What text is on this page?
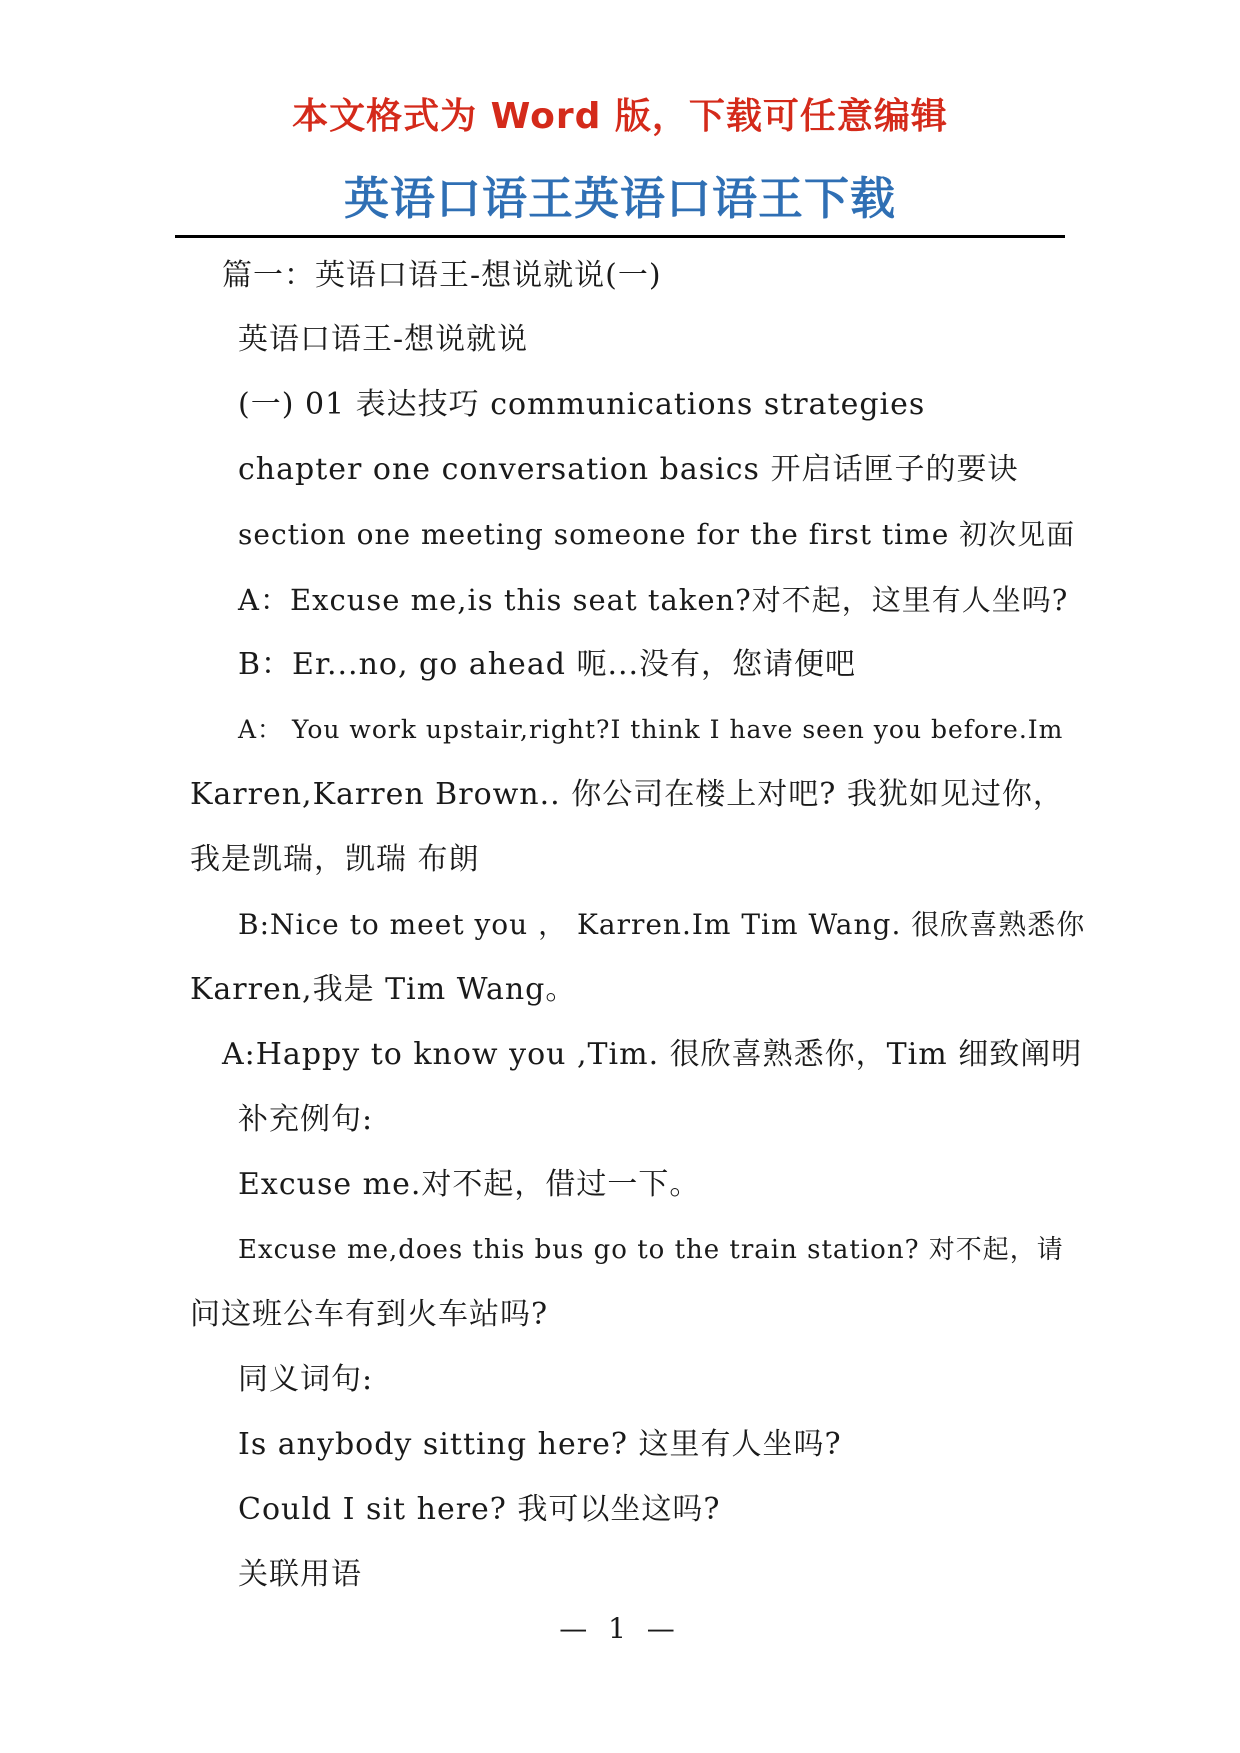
本文格式为 Word 版，下载可任意编辑
英语口语王英语口语王下载
篇一：英语口语王-想说就说(一)
英语口语王-想说就说
(一) 01 表达技巧 communications strategies
chapter one conversation basics 开启话匣子的要诀
section one meeting someone for the first time 初次见面
A：Excuse me,is this seat taken?对不起，这里有人坐吗?
B：Er...no, go ahead 呃...没有，您请便吧
A： You work upstair,right?I think I have seen you before.Im
Karren,Karren Brown.. 你公司在楼上对吧? 我犹如见过你，
我是凯瑞，凯瑞 布朗
B:Nice to meet you ， Karren.Im Tim Wang. 很欣喜熟悉你
Karren,我是 Tim Wang。
A:Happy to know you ,Tim. 很欣喜熟悉你，Tim 细致阐明
补充例句:
Excuse me.对不起，借过一下。
Excuse me,does this bus go to the train station? 对不起，请
问这班公车有到火车站吗?
同义词句:
Is anybody sitting here? 这里有人坐吗?
Could I sit here? 我可以坐这吗?
关联用语
— 1 —
